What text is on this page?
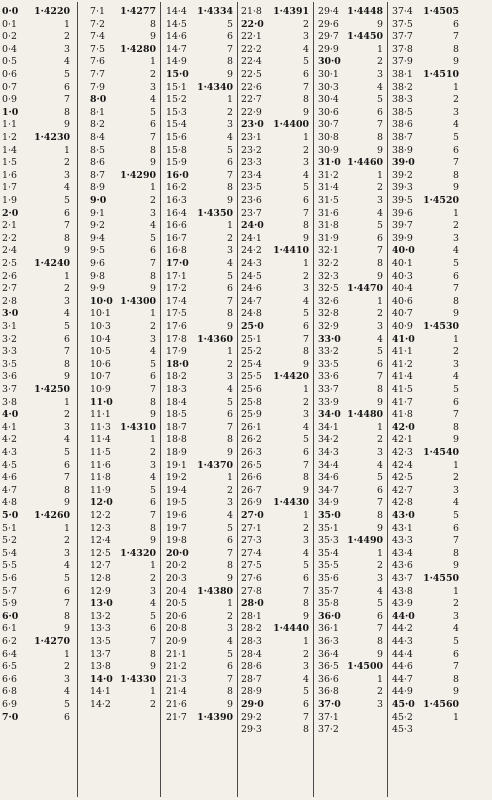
0·0
0·1
0·2
0·4
0·5
0·6
0·7
0·9
1·0
1·1
1·2
1·4
1·5
1·6
1·7
1·9
2·0
2·1
2·2
2·4
2·5
2·6
2·7
2·8
3·0
3·1
3·2
3·3
3·5
3·6
3·7
3·8
4·0
4·1
4·2
4·3
4·5
4·6
4·7
4·8
5·0
5·1
5·2
5·4
5·5
5·6
5·7
5·9
6·0
6·1
6·2
6·4
6·5
6·6
6·8
6·9
7·0
1·4220
1
2
3
4
5
6
7
8
9
1·4230
1
2
3
4
5
6
7
8
9
1·4240
1
2
3
4
5
6
7
8
9
1·4250
1
2
3
4
5
6
7
8
9
1·4260
1
2
3
4
5
6
7
8
9
1·4270
1
2
3
4
5
6
7·1
7·2
7·4
7·5
7·6
7·7
7·9
8·0
8·1
8·2
8·4
8·5
8·6
8·7
8·9
9·0
9·1
9·2
9·4
9·5
9·6
9·8
9·9
10·0
10·1
10·3
10·4
10·5
10·6
10·7
10·9
11·0
11·1
11·3
11·4
11·5
11·6
11·8
11·9
12·0
12·2
12·3
12·4
12·5
12·7
12·8
12·9
13·0
13·2
13·3
13·5
13·7
13·8
14·0
14·1
14·2
1·4277
8
9
1·4280
1
2
3
4
5
6
7
8
9
1·4290
1
2
3
4
5
6
7
8
9
1·4300
1
2
3
4
5
6
7
8
9
1·4310
1
2
3
4
5
6
7
8
9
1·4320
1
2
3
4
5
6
7
8
9
1·4330
1
2
14·4
14·5
14·6
14·7
14·9
15·0
15·1
15·2
15·3
15·4
15·6
15·8
15·9
16·0
16·2
16·3
16·4
16·6
16·7
16·8
17·0
17·1
17·2
17·4
17·5
17·6
17·8
17·9
18·0
18·2
18·3
18·4
18·5
18·7
18·8
18·9
19·1
19·2
19·4
19·5
19·6
19·7
19·8
20·0
20·2
20·3
20·4
20·5
20·6
20·8
20·9
21·1
21·2
21·3
21·4
21·6
21·7
1·4334
5
6
7
8
9
1·4340
1
2
3
4
5
6
7
8
9
1·4350
1
2
3
4
5
6
7
8
9
1·4360
1
2
3
4
5
6
7
8
9
1·4370
1
2
3
4
5
6
7
8
9
1·4380
1
2
3
4
5
6
7
8
9
1·4390
21·8
22·0
22·1
22·2
22·4
22·5
22·6
22·7
22·9
23·0
23·1
23·2
23·3
23·4
23·5
23·6
23·7
24·0
24·1
24·2
24·3
24·5
24·6
24·7
24·8
25·0
25·1
25·2
25·4
25·5
25·6
25·8
25·9
26·1
26·2
26·3
26·5
26·6
26·7
26·9
27·0
27·1
27·3
27·4
27·5
27·6
27·8
28·0
28·1
28·2
28·3
28·4
28·6
28·7
28·9
29·0
29·2
29·3
1·4391
2
3
4
5
6
7
8
9
1·4400
1
2
3
4
5
6
7
8
9
1·4410
1
2
3
4
5
6
7
8
9
1·4420
1
2
3
4
5
6
7
8
9
1·4430
1
2
3
4
5
6
7
8
9
1·4440
1
2
3
4
5
6
7
8
29·4
29·6
29·7
29·9
30·0
30·1
30·3
30·4
30·6
30·7
30·8
30·9
31·0
31·2
31·4
31·5
31·6
31·8
31·9
32·1
32·2
32·3
32·5
32·6
32·8
32·9
33·0
33·2
33·5
33·6
33·7
33·9
34·0
34·1
34·2
34·3
34·4
34·6
34·7
34·9
35·0
35·1
35·3
35·4
35·5
35·6
35·7
35·8
36·0
36·1
36·3
36·4
36·5
36·6
36·8
37·0
37·1
37·2
1·4448
9
1·4450
1
2
3
4
5
6
7
8
9
1·4460
1
2
3
4
5
6
7
8
9
1·4470
1
2
3
4
5
6
7
8
9
1·4480
1
2
3
4
5
6
7
8
9
1·4490
1
2
3
4
5
6
7
8
9
1·4500
1
2
3
37·4
37·5
37·7
37·8
37·9
38·1
38·2
38·3
38·5
38·6
38·7
38·9
39·0
39·2
39·3
39·5
39·6
39·7
39·9
40·0
40·1
40·3
40·4
40·6
40·7
40·9
41·0
41·1
41·2
41·4
41·5
41·7
41·8
42·0
42·1
42·3
42·4
42·5
42·7
42·8
43·0
43·1
43·3
43·4
43·6
43·7
43·8
43·9
44·0
44·2
44·3
44·4
44·6
44·7
44·9
45·0
45·2
45·3
1·4505
6
7
8
9
1·4510
1
2
3
4
5
6
7
8
9
1·4520
1
2
3
4
5
6
7
8
9
1·4530
1
2
3
4
5
6
7
8
9
1·4540
1
2
3
4
5
6
7
8
9
1·4550
1
2
3
4
5
6
7
8
9
1·4560
1
